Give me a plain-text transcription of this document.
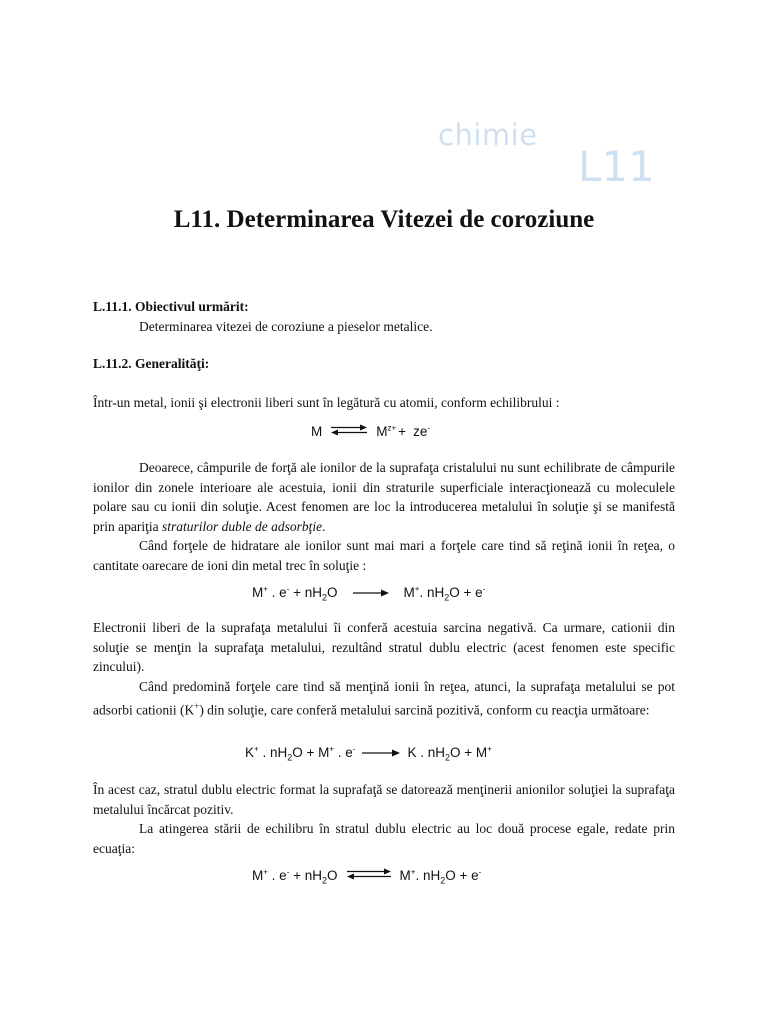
chimie
L11
L11. Determinarea Vitezei de coroziune
L.11.1. Obiectivul urmărit:
Determinarea vitezei de coroziune a pieselor metalice.
L.11.2. Generalităţi:
Într-un metal, ionii şi electronii liberi sunt în legătură cu atomii, conform echilibrului :
M ⇌ $M^{z+} + ze^-$

Deoarece, câmpurile de forţă ale ionilor de la suprafaţa cristalului nu sunt echilibrate de câmpurile ionilor din zonele interioare ale acestuia, ionii din straturile superficiale interacţionează cu moleculele polare sau cu ionii din soluţie. Acest fenomen are loc la introducerea metalului în soluţie şi se manifestă prin apariţia straturilor duble de adsorbţie.

Când forţele de hidratare ale ionilor sunt mai mari a forţele care tind să reţină ionii în reţea, o cantitate oarecare de ioni din metal trec în soluţie :

M+ . $e^- + nH_2O \to M^+$. $nH_2O + e^-$

Electronii liberi de la suprafaţa metalului îi conferă acestuia sarcina negativă. Ca urmare, cationii din soluţie se menţin la suprafaţa metalului, rezultând stratul dublu electric (acest fenomen este specific zincului).

Când predomină forţele care tind să menţină ionii în reţea, atunci, la suprafaţa metalului se pot adsorbi cationii (K+) din soluţie, care conferă metalului sarcină pozitivă, conform cu reacţia următoare:

K+ . $nH_2O + M^+$ . e- → K . $nH_2O + M^+$

În acest caz, stratul dublu electric format la suprafaţă se datorează menţinerii anionilor soluţiei la suprafaţa metalului încărcat pozitiv.

La atingerea stării de echilibru în stratul dublu electric au loc două procese egale, redate prin ecuaţia:

M+ . $e^- + nH_2O$ ⇌ M+. $nH_2O + e^-$
